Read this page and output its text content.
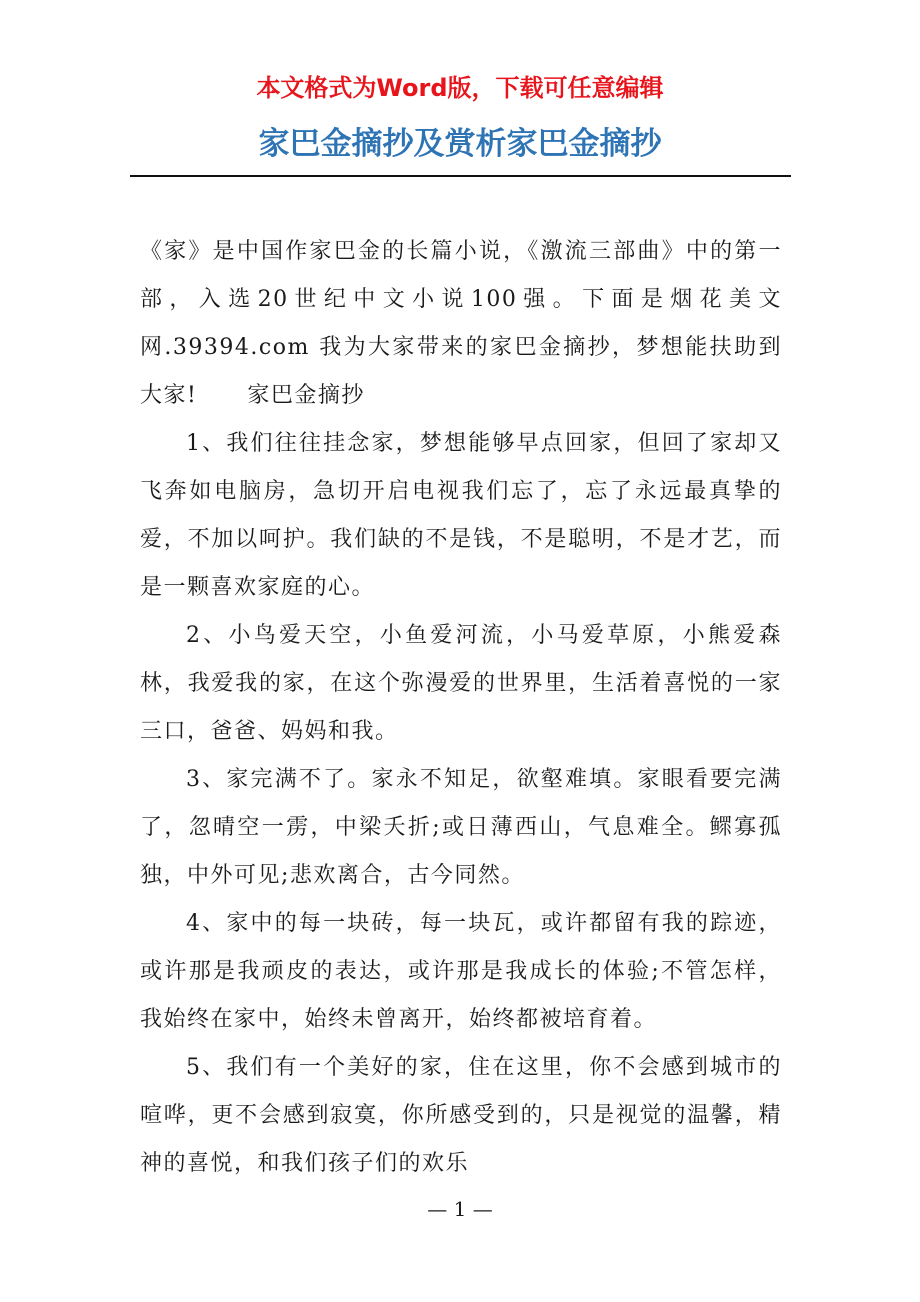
本文格式为Word版，下载可任意编辑
家巴金摘抄及赏析家巴金摘抄

《家》是中国作家巴金的长篇小说，《激流三部曲》中的第一部，入选20世纪中文小说100强。下面是烟花美文网.39394.com 我为大家带来的家巴金摘抄，梦想能扶助到大家! 家巴金摘抄

1、我们往往挂念家，梦想能够早点回家，但回了家却又飞奔如电脑房，急切开启电视我们忘了，忘了永远最真挚的爱，不加以呵护。我们缺的不是钱，不是聪明，不是才艺，而是一颗喜欢家庭的心。

2、小鸟爱天空，小鱼爱河流，小马爱草原，小熊爱森林，我爱我的家，在这个弥漫爱的世界里，生活着喜悦的一家三口，爸爸、妈妈和我。

3、家完满不了。家永不知足，欲壑难填。家眼看要完满了，忽晴空一雳，中梁夭折;或日薄西山，气息难全。鳏寡孤独，中外可见;悲欢离合，古今同然。

4、家中的每一块砖，每一块瓦，或许都留有我的踪迹，或许那是我顽皮的表达，或许那是我成长的体验;不管怎样，我始终在家中，始终未曾离开，始终都被培育着。

5、我们有一个美好的家，住在这里，你不会感到城市的喧哗，更不会感到寂寞，你所感受到的，只是视觉的温馨，精神的喜悦，和我们孩子们的欢乐

— 1 —
